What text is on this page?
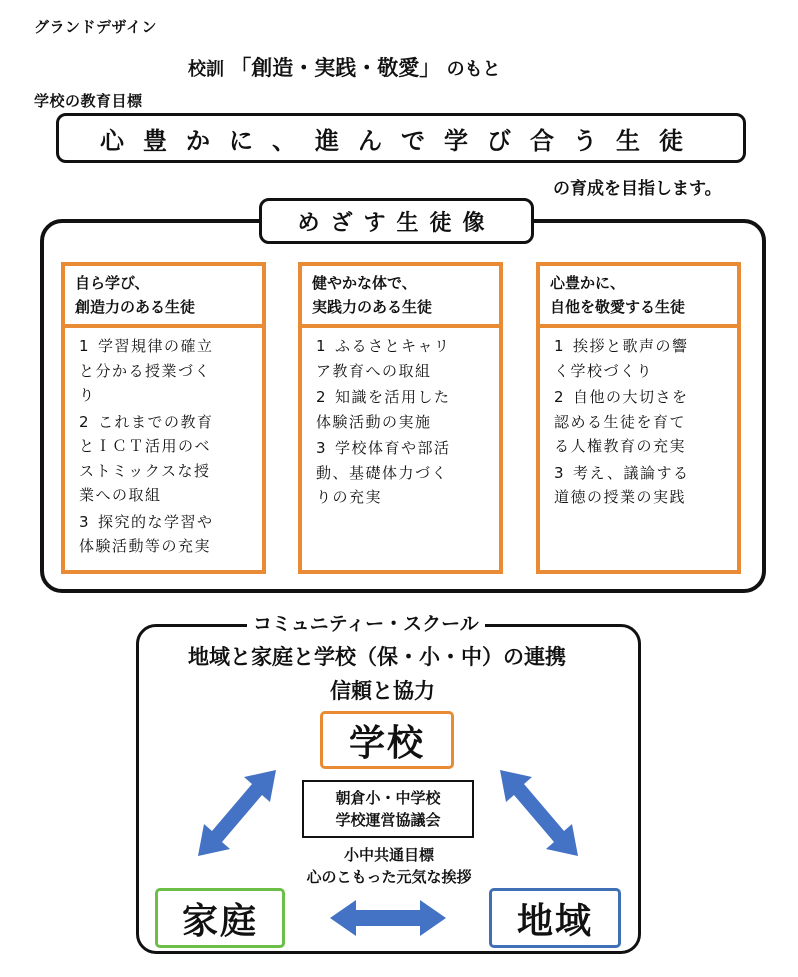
グランドデザイン
校訓 「創造・実践・敬愛」 のもと
学校の教育目標
心豊かに、進んで学び合う生徒
の育成を目指します。
めざす生徒像
自ら学び、
創造力のある生徒
1 学習規律の確立
と分かる授業づく
り
2 これまでの教育
とＩＣＴ活用のベ
ストミックスな授
業への取組
3 探究的な学習や
体験活動等の充実
健やかな体で、
実践力のある生徒
1 ふるさとキャリ
ア教育への取組
2 知識を活用した
体験活動の実施
3 学校体育や部活
動、基礎体力づく
りの充実
心豊かに、
自他を敬愛する生徒
1 挨拶と歌声の響
く学校づくり
2 自他の大切さを
認める生徒を育て
る人権教育の充実
3 考え、議論する
道徳の授業の実践
コミュニティー・スクール
地域と家庭と学校（保・小・中）の連携
信頼と協力
学校
朝倉小・中学校
学校運営協議会
小中共通目標
心のこもった元気な挨拶
家庭	地域
